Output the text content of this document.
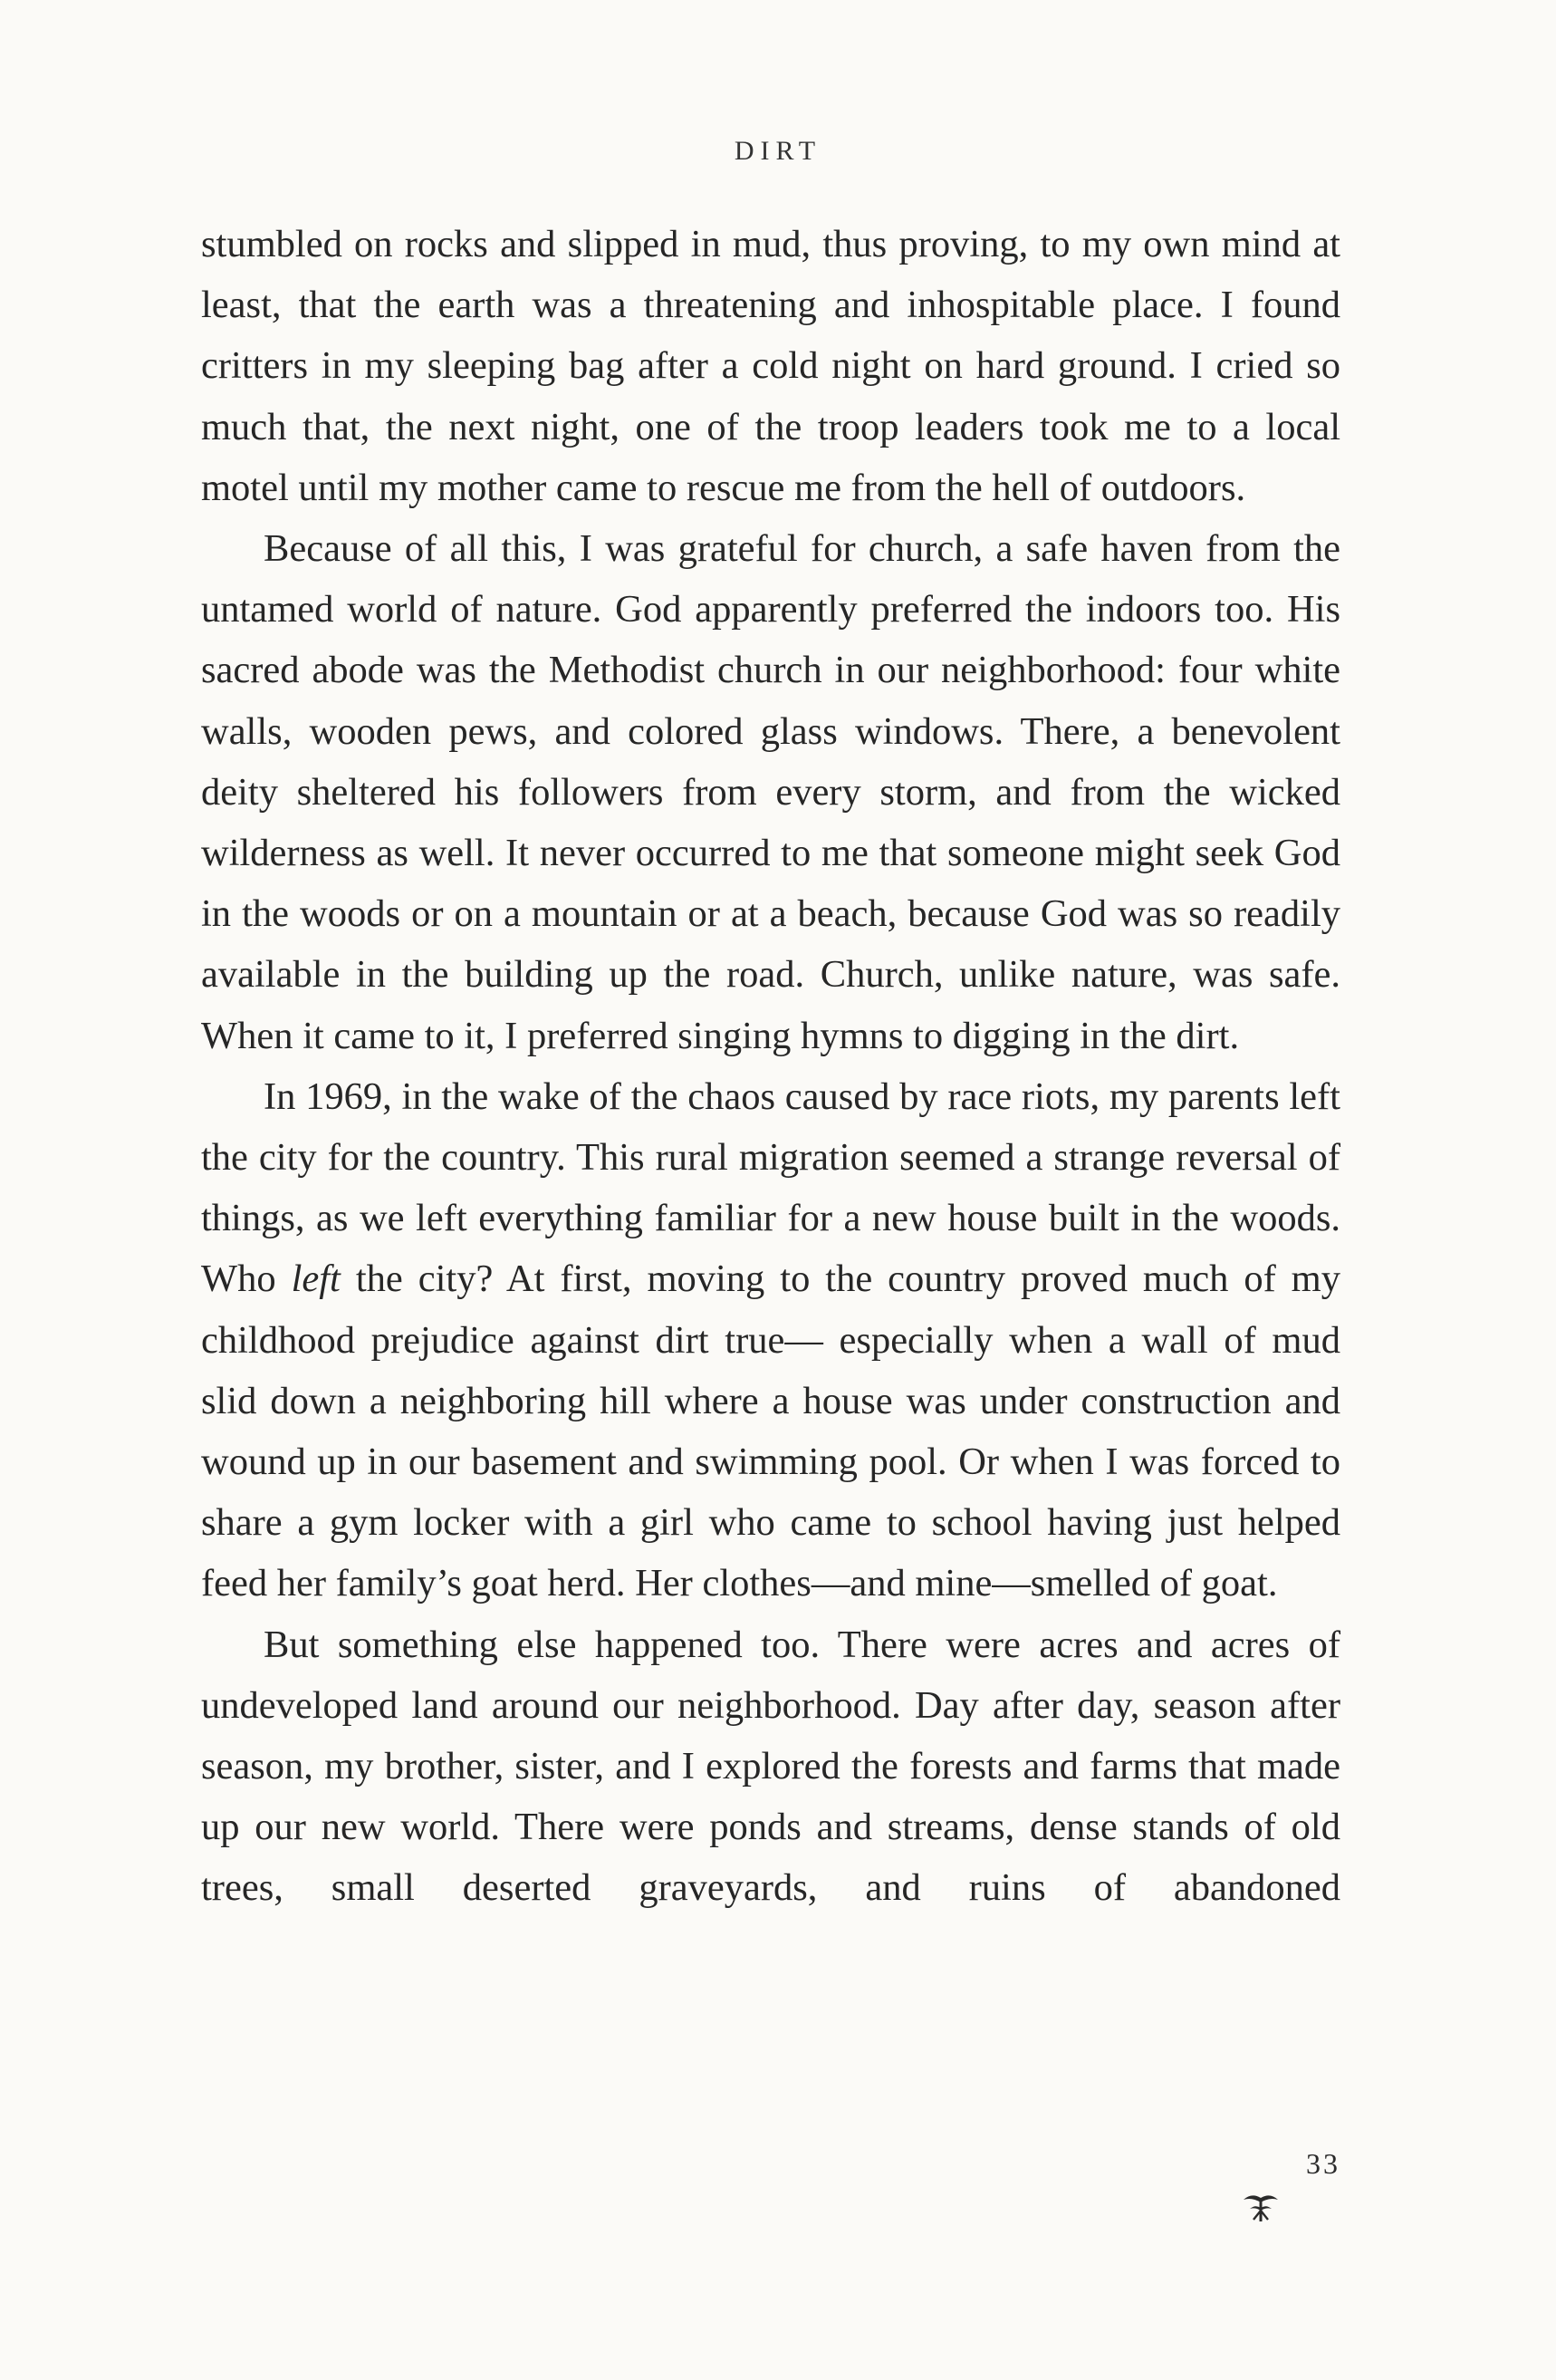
DIRT

stumbled on rocks and slipped in mud, thus proving, to my own mind at least, that the earth was a threatening and inhospitable place. I found critters in my sleeping bag after a cold night on hard ground. I cried so much that, the next night, one of the troop leaders took me to a local motel until my mother came to rescue me from the hell of outdoors.

Because of all this, I was grateful for church, a safe haven from the untamed world of nature. God apparently preferred the indoors too. His sacred abode was the Methodist church in our neighborhood: four white walls, wooden pews, and colored glass windows. There, a benevolent deity sheltered his followers from every storm, and from the wicked wilderness as well. It never occurred to me that someone might seek God in the woods or on a mountain or at a beach, because God was so readily available in the building up the road. Church, unlike nature, was safe. When it came to it, I preferred singing hymns to digging in the dirt.

In 1969, in the wake of the chaos caused by race riots, my parents left the city for the country. This rural migration seemed a strange reversal of things, as we left everything familiar for a new house built in the woods. Who left the city? At first, moving to the country proved much of my childhood prejudice against dirt true— especially when a wall of mud slid down a neighboring hill where a house was under construction and wound up in our basement and swimming pool. Or when I was forced to share a gym locker with a girl who came to school having just helped feed her family’s goat herd. Her clothes—and mine—smelled of goat.

But something else happened too. There were acres and acres of undeveloped land around our neighborhood. Day after day, season after season, my brother, sister, and I explored the forests and farms that made up our new world. There were ponds and streams, dense stands of old trees, small deserted graveyards, and ruins of abandoned

33
